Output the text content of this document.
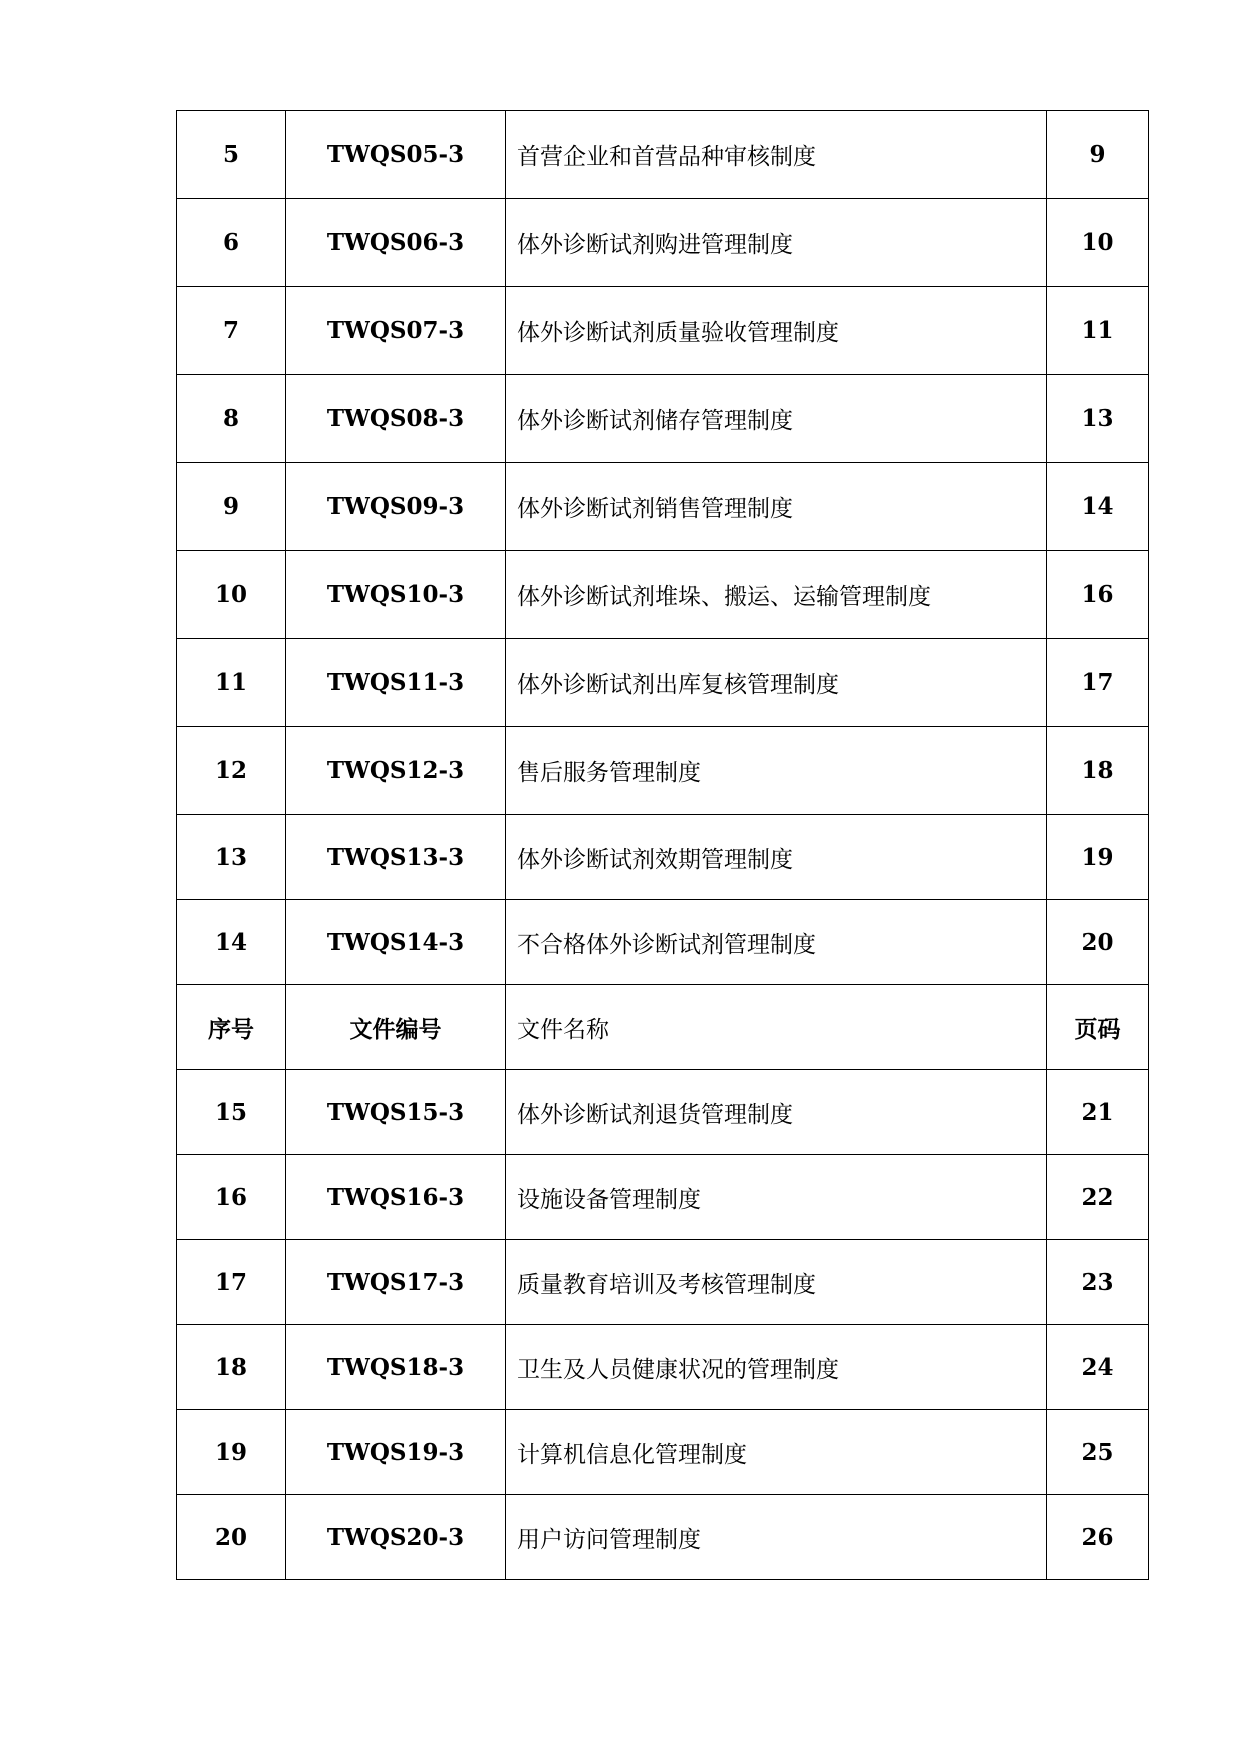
5	TWQS05-3	首营企业和首营品种审核制度	9
6	TWQS06-3	体外诊断试剂购进管理制度	10
7	TWQS07-3	体外诊断试剂质量验收管理制度	11
8	TWQS08-3	体外诊断试剂储存管理制度	13
9	TWQS09-3	体外诊断试剂销售管理制度	14
10	TWQS10-3	体外诊断试剂堆垛、搬运、运输管理制度	16
11	TWQS11-3	体外诊断试剂出库复核管理制度	17
12	TWQS12-3	售后服务管理制度	18
13	TWQS13-3	体外诊断试剂效期管理制度	19
14	TWQS14-3	不合格体外诊断试剂管理制度	20
序号	文件编号	文件名称	页码
15	TWQS15-3	体外诊断试剂退货管理制度	21
16	TWQS16-3	设施设备管理制度	22
17	TWQS17-3	质量教育培训及考核管理制度	23
18	TWQS18-3	卫生及人员健康状况的管理制度	24
19	TWQS19-3	计算机信息化管理制度	25
20	TWQS20-3	用户访问管理制度	26
